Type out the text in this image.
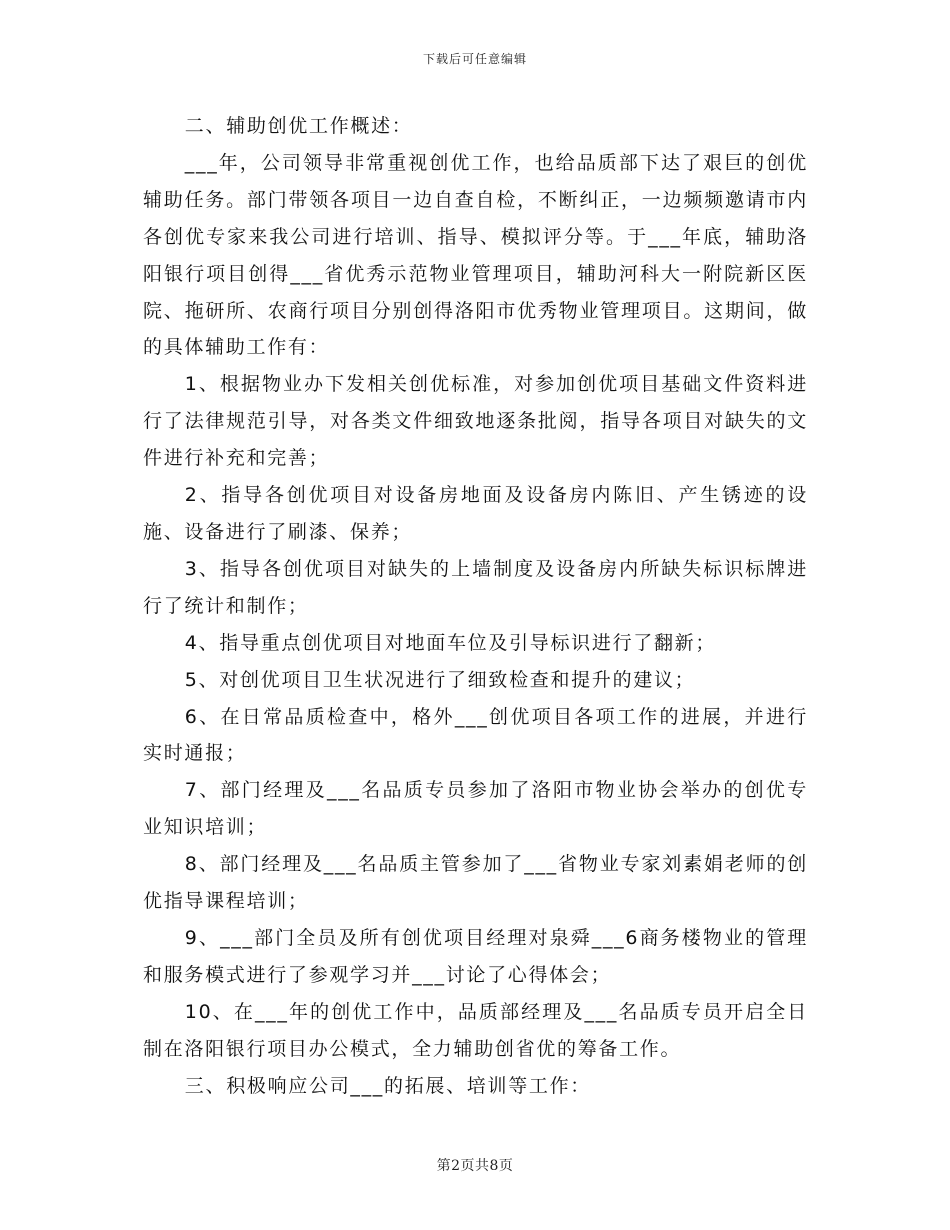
下载后可任意编辑

二、辅助创优工作概述：

___年，公司领导非常重视创优工作，也给品质部下达了艰巨的创优辅助任务。部门带领各项目一边自查自检，不断纠正，一边频频邀请市内各创优专家来我公司进行培训、指导、模拟评分等。于___年底，辅助洛阳银行项目创得___省优秀示范物业管理项目，辅助河科大一附院新区医院、拖研所、农商行项目分别创得洛阳市优秀物业管理项目。这期间，做的具体辅助工作有：

1、根据物业办下发相关创优标准，对参加创优项目基础文件资料进行了法律规范引导，对各类文件细致地逐条批阅，指导各项目对缺失的文件进行补充和完善；

2、指导各创优项目对设备房地面及设备房内陈旧、产生锈迹的设施、设备进行了刷漆、保养；

3、指导各创优项目对缺失的上墙制度及设备房内所缺失标识标牌进行了统计和制作；

4、指导重点创优项目对地面车位及引导标识进行了翻新；

5、对创优项目卫生状况进行了细致检查和提升的建议；

6、在日常品质检查中，格外___创优项目各项工作的进展，并进行实时通报；

7、部门经理及___名品质专员参加了洛阳市物业协会举办的创优专业知识培训；

8、部门经理及___名品质主管参加了___省物业专家刘素娟老师的创优指导课程培训；

9、___部门全员及所有创优项目经理对泉舜___6商务楼物业的管理和服务模式进行了参观学习并___讨论了心得体会；

10、在___年的创优工作中，品质部经理及___名品质专员开启全日制在洛阳银行项目办公模式，全力辅助创省优的筹备工作。

三、积极响应公司___的拓展、培训等工作：

第2页共8页
